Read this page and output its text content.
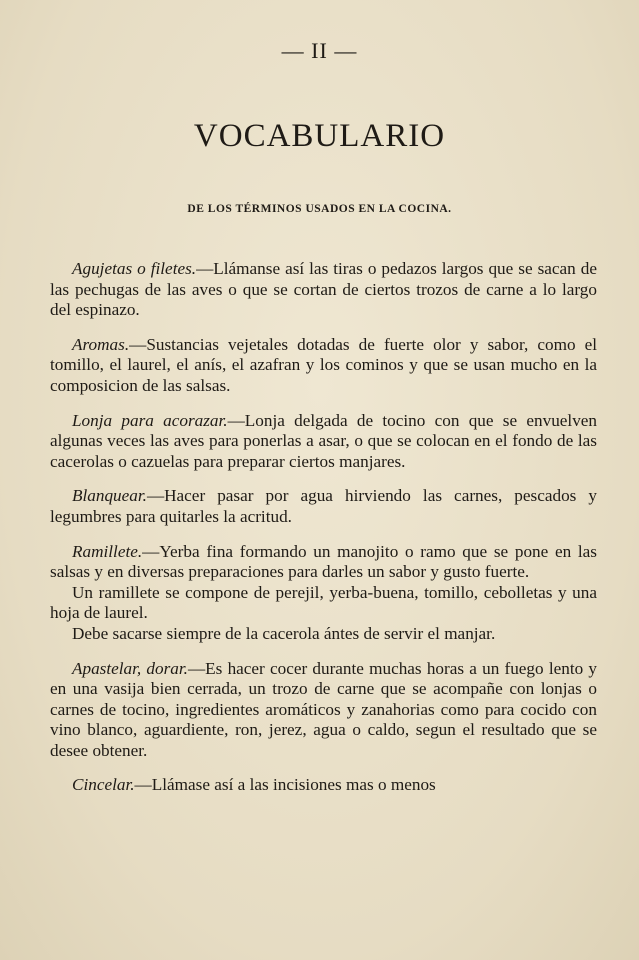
— II —
VOCABULARIO
DE LOS TÉRMINOS USADOS EN LA COCINA.

Agujetas o filetes.—Llámanse así las tiras o pedazos largos que se sacan de las pechugas de las aves o que se cortan de ciertos trozos de carne a lo largo del espinazo.

Aromas.—Sustancias vejetales dotadas de fuerte olor y sabor, como el tomillo, el laurel, el anís, el azafran y los cominos y que se usan mucho en la composicion de las salsas.

Lonja para acorazar.—Lonja delgada de tocino con que se envuelven algunas veces las aves para ponerlas a asar, o que se colocan en el fondo de las cacerolas o cazuelas para preparar ciertos manjares.

Blanquear.—Hacer pasar por agua hirviendo las carnes, pescados y legumbres para quitarles la acritud.

Ramillete.—Yerba fina formando un manojito o ramo que se pone en las salsas y en diversas preparaciones para darles un sabor y gusto fuerte.

Un ramillete se compone de perejil, yerba-buena, tomillo, cebolletas y una hoja de laurel.

Debe sacarse siempre de la cacerola ántes de servir el manjar.

Apastelar, dorar.—Es hacer cocer durante muchas horas a un fuego lento y en una vasija bien cerrada, un trozo de carne que se acompañe con lonjas o carnes de tocino, ingredientes aromáticos y zanahorias como para cocido con vino blanco, aguardiente, ron, jerez, agua o caldo, segun el resultado que se desee obtener.

Cincelar.—Llámase así a las incisiones mas o menos
